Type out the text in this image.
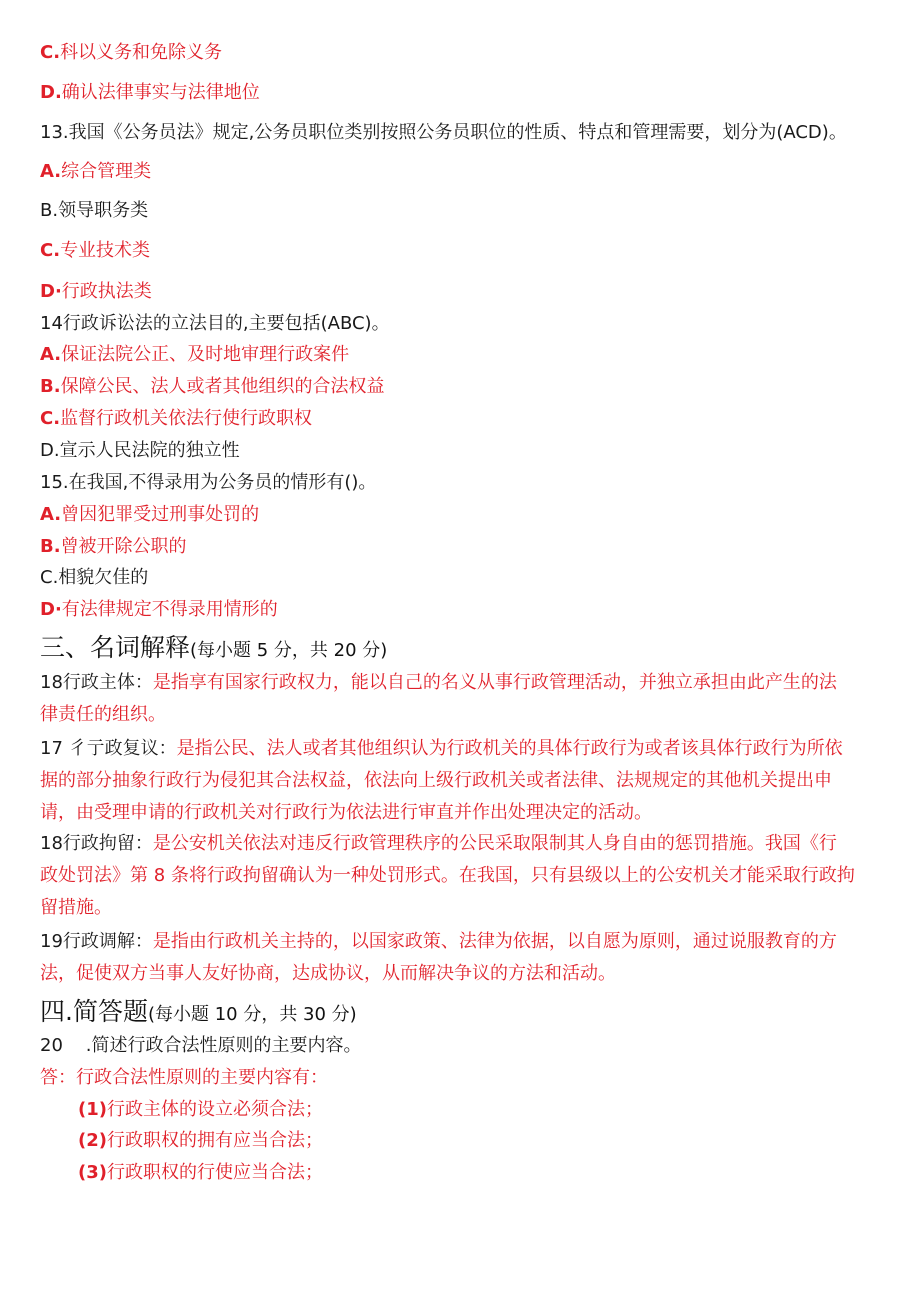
C.科以义务和免除义务
D.确认法律事实与法律地位
13.我国《公务员法》规定,公务员职位类别按照公务员职位的性质、特点和管理需要，划分为(ACD)。
A.综合管理类
B.领导职务类
C.专业技术类
D·行政执法类
14行政诉讼法的立法目的,主要包括(ABC)。
A.保证法院公正、及时地审理行政案件
B.保障公民、法人或者其他组织的合法权益
C.监督行政机关依法行使行政职权
D.宣示人民法院的独立性
15.在我国,不得录用为公务员的情形有()。
A.曾因犯罪受过刑事处罚的
B.曾被开除公职的
C.相貌欠佳的
D·有法律规定不得录用情形的
三、名词解释(每小题 5 分，共 20 分)
18行政主体：是指享有国家行政权力，能以自己的名义从事行政管理活动，并独立承担由此产生的法
律责任的组织。
17 彳亍政复议：是指公民、法人或者其他组织认为行政机关的具体行政行为或者该具体行政行为所依
据的部分抽象行政行为侵犯其合法权益，依法向上级行政机关或者法律、法规规定的其他机关提出申
请，由受理申请的行政机关对行政行为依法进行审直并作出处理决定的活动。
18行政拘留：是公安机关依法对违反行政管理秩序的公民采取限制其人身自由的惩罚措施。我国《行
政处罚法》第 8 条将行政拘留确认为一种处罚形式。在我国，只有县级以上的公安机关才能采取行政拘
留措施。
19行政调解：是指由行政机关主持的，以国家政策、法律为依据，以自愿为原则，通过说服教育的方
法，促使双方当事人友好协商，达成协议，从而解决争议的方法和活动。
四.简答题(每小题 10 分，共 30 分)
20    .简述行政合法性原则的主要内容。
答：行政合法性原则的主要内容有：
(1)行政主体的设立必须合法；
(2)行政职权的拥有应当合法；
(3)行政职权的行使应当合法；
